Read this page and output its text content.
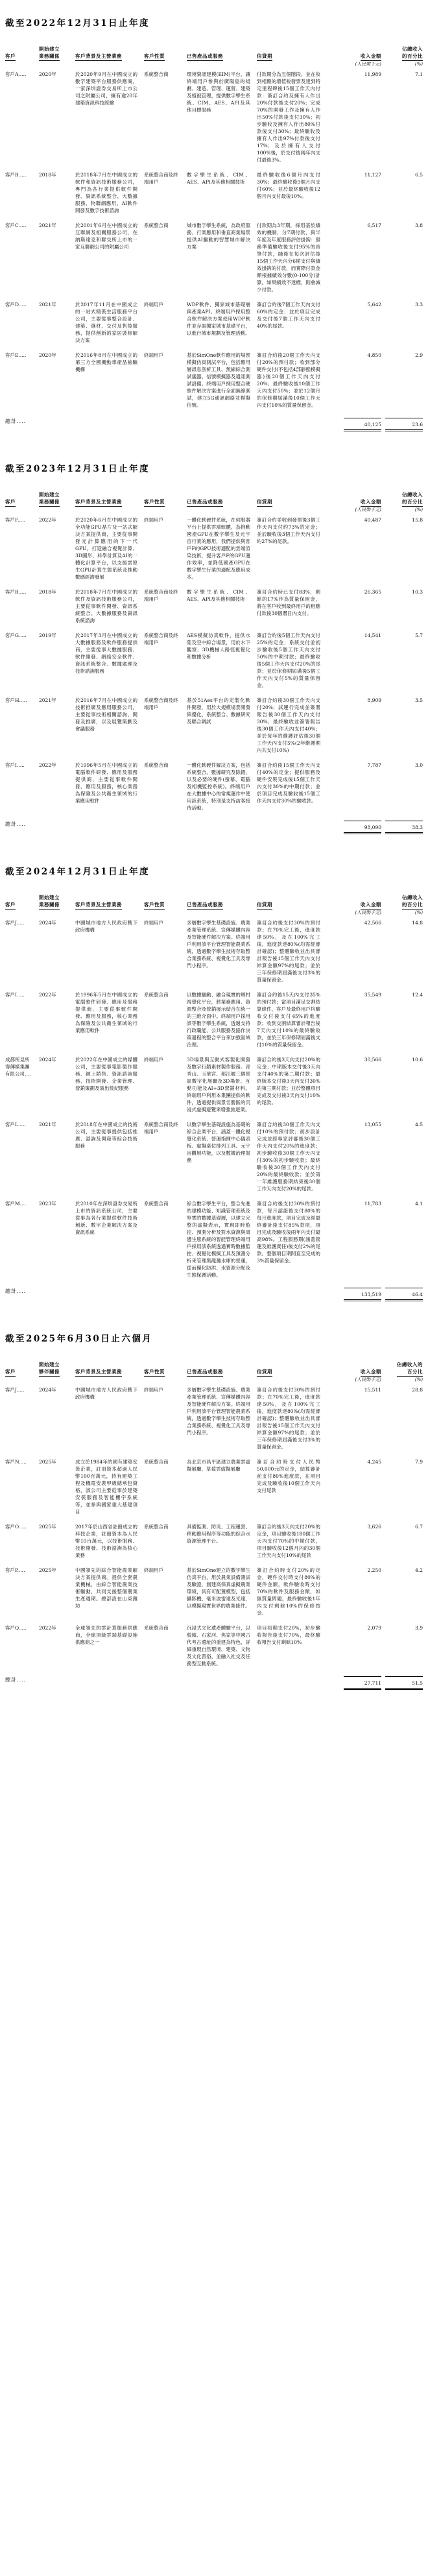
截至2022年12月31日止年度
客戶

開始建立
業務關係	客戶背景及主營業務	客戶性質	已售產品或服務	信貸期	收入金額
(人民幣千元)

佔總收入
的百分比
(%)

客戶A.....	2020年	於2020年9月在中國成立的數字建築平台服務供應商，一家深圳證券交易所上市公司之附屬公司，擁有逾20年建築資訊科技經驗	系統整合商	環境資訊建模(EIM)平台，讓終端用戶參與於廣陽島的規劃、建造、管理、運營、建築及植被管理，提供數字孿生系統、CIM、AES、API及其他目標服務	付款期分為五個階段，並在收到相應的增值稅發票及達到特定里程碑後15個工作天內付款：簽訂合約及擁有人作出20%付款後支付20%；完成70%的開發工作及擁有人作出50%付款後支付30%；初步驗收及擁有人作出80%付款後支付30%；最終驗收及擁有人作出97%付款後支付17%；及於擁有人支付100%後，於交付後兩年內支付最後3%。	11,989	7.1
客戶B.....	2018年	於2018年7月在中國成立的軟件和資訊技術服務公司，專門為各行業提供軟件開發、資訊系統整合、大數據服務、物聯網應用、AI軟件開發及數字技術諮詢	系統整合商及終端用戶	數字孿生系統、CIM、AES、API及其他相關技術	最終驗收後6個月內支付30%；最終驗收後9個月內支付60%；並於最終驗收後12個月內支付最後10%。	11,127	6.5
客戶C.....	2021年	於2001年6月在中國成立的互聯網及相關服務公司，在納斯達克和聯交所上市的一家互聯網公司的附屬公司	系統整合商	城市數字孿生系統，為政府服務、行業應用和垂直商業場景提供AI驅動的智慧城市解決方案	付款期為3年期，採用基於績效的機制，分7期付款，與半年度及年度服務評估掛鈎：服務準備驗收後支付95%的首筆付款，隨後在每次評估後15個工作天內分6期支付與績效掛鈎的付款，而實際付款金額根據績效分數(0-100分)計算，如果績效不達標，則會減少付款。	6,517	3.8
客戶D.....	2021年	於2017年11月在中國成立的一站式精裝生活服務平台公司，主要從事整合設計、建築、選材、交付及售後服務，提供創新的家居裝修解決方案	終端用戶	WDP軟件、獨家城市基礎層與產業API。終端用戶採用整合軟件解決方案使用WDP軟件並存取獨家城市基礎平台，以進行城市規劃及管理活動。	簽訂合約後7個工作天內支付60%的定金；並於項目完成及交付後7個工作天內支付40%的尾款。	5,642	3.3
客戶E.....	2020年	於2016年8月在中國成立的第三方全國機動車產品檢驗機構	終端用戶	基於SimOne軟件應用的場景模擬仿真測試平台，包括應用層訊息剖析工具、無線綜合測試儀器、信號模擬器及通訊測試設備。終端用戶採用整合硬軟件解決方案進行全面無線測試，建立5G通訊網絡並模擬信號。	簽訂合約後20個工作天內支付20%的預付款；收到部分硬件交付(不包括4部靜態模擬器)後20個工作天內支付20%；最終驗收後10個工作天內支付50%；並於12個月的保修期屆滿後10個工作天內支付10%的質量保留金。	4,850	2.9
總計....						40,125	23.6
截至2023年12月31日止年度
客戶

開始建立
業務關係	客戶背景及主營業務	客戶性質	已售產品或服務	信貸期	收入金額
(人民幣千元)

佔總收入
的百分比
(%)

客戶F.....	2022年	於2020年6月在中國成立的全功能GPU晶片及一站式解決方案提供商，主要從事開發元計算應用的下一代GPU，打造融合視覺計算、3D圖形、科學計算及AI的一體化計算平台，以支援雲原生GPU計算生態系統及推動數碼經濟發展	終端用戶	一體化軟硬件系統，在伺服器平台上提供雲端軟體，為推動國產GPU在數字孿生及元宇宙行業的應用，我們提供與客戶F的GPU技術適配的雲端渲染技術，提升客戶F的GPU運作效率，並降低國產GPU在數字孿生行業的適配及應用成本。	簽訂合約並收到發票後3個工作天內支付約73%的定金；並於驗收後3個工作天內支付約27%的尾款。	40,487	15.8
客戶B.....	2018年	於2018年7月在中國成立的軟件及資訊技術服務公司，主要從事軟件開發、資訊系統整合、大數據服務及資訊系統諮詢	系統整合商及終端用戶	數字孿生系統、CIM、AES、API及其他相關技術	簽訂合約時已支付83%，剩餘的17%作為質量保留金，將在客戶收到最終用戶的相應付款後30個曆日內支付。	26,365	10.3
客戶G.....	2019年	於2017年3月在中國成立的大數據服務及軟件服務提供商，主要從事大數據服務、軟件開發、網絡安全軟件、資訊系統整合、數據處理及技術諮詢服務	系統整合商及終端用戶	AES模擬仿真軟件，提供水陸及空中綜合場景，用於水下觀察、3D機械人路徑視覺化和數據分析	簽訂合約後5個工作天內支付25%的定金；系統交付並初步驗收後5個工作天內支付50%的中期付款；最終驗收後5個工作天內支付20%的尾款；並於保修期屆滿後5個工作天內支付5%的質量保留金。	14,541	5.7
客戶H.....	2021年	於2016年7月在中國成立的技術推廣及應用服務公司，主要從事技術相關諮詢、開發及推廣，以及展覽策劃及會議服務	系統整合商及終端用戶	基於51Aes平台的定製化軟件開發，用於大規模場景開發與優化、系統整合、數據研究及聯合調試	簽訂合約後30個工作天內支付20%；試運行完成並簽署報告後30個工作天內支付30%；最終驗收並簽署報告後30個工作天內支付40%；並於每年的維護評估後30個工作天內支付5%(2年維護期內共支付10%)	8,909	3.5
客戶I.....	2022年	於1996年5月在中國成立的電腦軟件研發、應用及服務提供商，主要從事軟件開發、應用及服務，核心業務為保險及公共衛生領域的行業應用軟件	系統整合商	一體化軟硬件解決方案，包括系統整合、數據研究及除錯，以及必要的硬件(螢幕、電腦及相機監控系統)。終端用戶在大數據中心的常規運作中使用該系統，特別是支持訪客接待活動。	簽訂合約後15個工作天內支付40%的定金；提供服務及硬件安裝完成後15個工作天內支付30%的中期付款；並於項目完成及驗收後15個工作天內支付30%的驗收款。	7,787	3.0
總計....						98,090	38.3
截至2024年12月31日止年度
客戶

開始建立
業務關係	客戶背景及主營業務	客戶性質	已售產品或服務	信貸期	收入金額
(人民幣千元)

佔總收入
的百分比
(%)

客戶J.....	2024年	中國城市地方人民政府轄下政府機構	終端用戶	多層數字孿生基礎設施、農業產業管理系統、宣傳媒體內容及智能硬件解決方案。終端用戶利用該平台管理智能農業系統，透過數字孿生技術存取整合業務系統、視覺化工具及專門小程序。	簽訂合約後支付30%的預付款；在70%完工後，進度款達50%，及在100%完工後，進度款達80%(均需經審計確認)；整體驗收並出具審計報告後15個工作天內支付結算金額97%的尾款；並於三年保修期屆滿後支付3%的質量保留金。	42,566	14.8
客戶I.....	2022年	於1996年5月在中國成立的電腦軟件研發、應用及服務提供商，主要從事軟件開發、應用及服務，核心業務為保險及公共衛生領域的行業應用軟件	系統整合商	以數據驅動、融合現實的鄉村視覺化平台，將業務應用、資源整合及營銷展示結合在統一的三維介面中。終端用戶採用該等數字孿生系統，透過支持行政職能、公共服務及協作決策過程的整合平台來加強區域治理。	簽訂合約後15天內支付35%的預付款；當項目滿足交割結算條件，客戶及最終用戶均驗收交付後支付45%的進度款；收到交割結算審計報告後7天內支付10%的最終驗收款，並於三年保修期屆滿後支付10%的質量保留金。	35,549	12.4
成都所見所得傳媒集團有限公司....	2024年	於2022年在中國成立的媒體公司，主要從事電影製作服務、網上銷售、資訊諮詢服務、技術開發、企業管理、營銷策劃及演出經紀服務	終端用戶	3D場景與互動式客製化開發及數字行銷素材製作服務。青秀山、玉華宮、都江堰三個景區數字化展廳及3D場景、互動功能及AI+3D營銷材料。終端用戶利用本集團提供的軟件，透過提供風景名勝區的沉浸式虛擬遊覽來增強旅遊業。	簽訂合約後3天內支付20%的定金；中期版本交付後3天內支付40%的第二期付款；最終版本交付後3天內支付30%的第三期付款；並於整體項目完成及交付後3天內支付10%的尾款。	30,566	10.6
客戶L.....	2021年	於2018年在中國成立的技術公司，主要從事提供包括推廣、諮詢及開發等綜合技術服務	系統整合商及終端用戶	以數字孿生基礎設施為基礎的綜合企業平台，涵蓋一體化視覺化系統、營運指揮中心儀表板、虛擬桌位排列工具、元宇宙觀展功能，以及數據治理服務	簽訂合約後30個工作天內支付10%的預付款；初步設計完成並經專家評審後30個工作天內支付20%的進度款；初步驗收後30個工作天內支付30%的初步驗收款；最終驗收後30個工作天內支付20%的最終驗收款；並於第一年維護服務期結束後30個工作天內支付20%的尾款。	13,055	4.5
客戶M....	2023年	於2010年在深圳證券交易所上市的資訊系統公司，主要從事為各行業提供軟件技術創新、數字企業解決方案及資訊系統	系統整合商	綜合數字孿生平台，整合先進的建模功能、知識管理系統及堅實的數據基礎層，以建立完整的虛擬表示，實現即時監控、預測分析及對水資源與周邊生態系統的智能管理終端用戶採用該系統透過實時數據監控、視覺化模擬工具及預測分析來管理黑龍灘水庫的營運，從而優化防洪、水資源分配及生態保護活動。	簽訂合約後支付30%的預付款，每月認證後支付80%的每月進度款，項目完成及經最終審計後支付85%款項，項目完成及驗收後兩年內支付最高98%。工程服務期(涵蓋營運及維護責任)後支付2%的尾款。整個項目期間直至完成的3%質量保留金。	11,783	4.1
總計....						133,519	46.4
截至2025年6月30日止六個月
客戶

開始建立
夥伴關係	客戶背景及主營業務	客戶性質	已售產品或服務	信貸期	收入金額
(人民幣千元)

佔總收入的
百分比
(%)

客戶J.....	2024年	中國城市地方人民政府轄下政府機構	終端用戶	多層數字孿生基礎設施、農業產業管理系統、宣傳媒體內容及智能硬件解決方案。終端用戶利用該平台管理智能農業系統，透過數字孿生技術存取整合業務系統、視覺化工具及專門小程序。	簽訂合約後支付30%的預付款；在70%完工後，進度款達50%，及在100%完工後，進度款達80%(均需經審計確認)；整體驗收並出具審計報告後15個工作天內支付結算金額97%的尾款；並於三年保修期屆滿後支付3%的質量保留金。	15,511	28.8
客戶N.....	2025年	成立於1984年的國有建築安裝企業，註冊資本超過人民幣100百萬元，持有建築工程及機電安裝甲級總承包資格，該公司主要從事於建築安裝服務及智能樓宇系統等，並參與國家重大基建項目	系統整合商	為北京市昌平區建立農業雲虛擬展廳、草莓雲虛擬展廳	簽訂合約時支付人民幣50,000元的定金，結算審計前支付80%進度款，在項目完成及驗收後10個工作天內支付尾款	4,245	7.9
客戶O.....	2025年	2017年於山西省註冊成立的科技企業，註冊資本為人民幣10百萬元，以技術服務、技術開發、技術諮詢為核心業務	系統整合商	具備監測、防災、工程運營、移動應用程序等功能的綜合水資源管理平台。	簽訂合約後3天內支付20%的定金，項目驗收後180個工作天內支付70%的中期付款，項目驗收後12個月內的30個工作天內支付10%的尾款	3,626	6.7
客戶P.....	2025年	中國領先的綜合智能農業解決方案提供商。提供全套農業機械，由綜合智能農業技術驅動，共同支援整個農業生產週期。總部設在山東濰坊	終端用戶	基於SimOne建立的數字孿生仿真平台，用於農業設備測試及驗證，創建高保真虛擬農業環境，具有可配置模型，包括攝影機、毫米波雷達及光達，以模擬現實世界的農業條件。	簽訂合約時支付20%的定金，硬件交付時支付80%的硬件金額，軟件驗收時支付70%的軟件及服務金額，如無質量問題，最終驗收後1年內支付剩餘10%的保修按金。	2,250	4.2
客戶Q.....	2022年	全球領先的雲計算服務供應商，全球頂級雲端基礎設施供應商之一	系統整合商	沉浸式文化遺產體驗平台，以殷墟、石家河、焦家等中國古代考古遺址的重建為特色，詳細重現自然環境、建築、文物及文化習俗，並融入社交及任務型互動系統。	項目初期支付20%，初步驗收報告後支付70%，最終驗收報告支付剩餘10%	2,079	3.9
總計....						27,711	51.5
